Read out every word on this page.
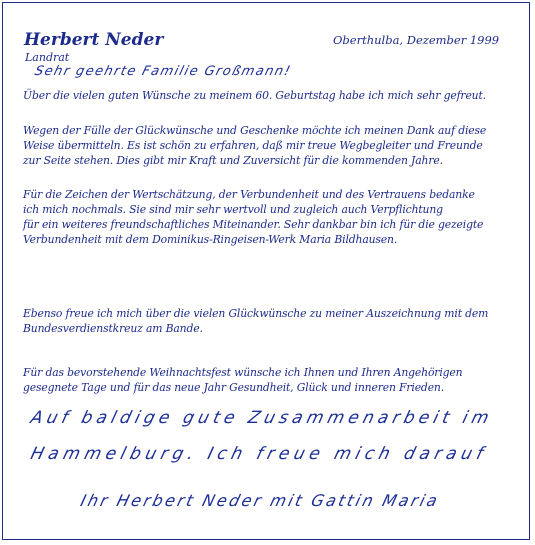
Herbert Neder
Landrat
Oberthulba, Dezember 1999
Sehr geehrte Familie Großmann!
Über die vielen guten Wünsche zu meinem 60. Geburtstag habe ich mich sehr gefreut.
Wegen der Fülle der Glückwünsche und Geschenke möchte ich meinen Dank auf diese
Weise übermitteln. Es ist schön zu erfahren, daß mir treue Wegbegleiter und Freunde
zur Seite stehen. Dies gibt mir Kraft und Zuversicht für die kommenden Jahre.
Für die Zeichen der Wertschätzung, der Verbundenheit und des Vertrauens bedanke
ich mich nochmals. Sie sind mir sehr wertvoll und zugleich auch Verpflichtung
für ein weiteres freundschaftliches Miteinander. Sehr dankbar bin ich für die gezeigte
Verbundenheit mit dem Dominikus-Ringeisen-Werk Maria Bildhausen.
Ebenso freue ich mich über die vielen Glückwünsche zu meiner Auszeichnung mit dem
Bundesverdienstkreuz am Bande.
Für das bevorstehende Weihnachtsfest wünsche ich Ihnen und Ihren Angehörigen
gesegnete Tage und für das neue Jahr Gesundheit, Glück und inneren Frieden.
Auf baldige gute Zusammenarbeit im
Hammelburg. Ich freue mich darauf
Ihr Herbert Neder mit Gattin Maria
